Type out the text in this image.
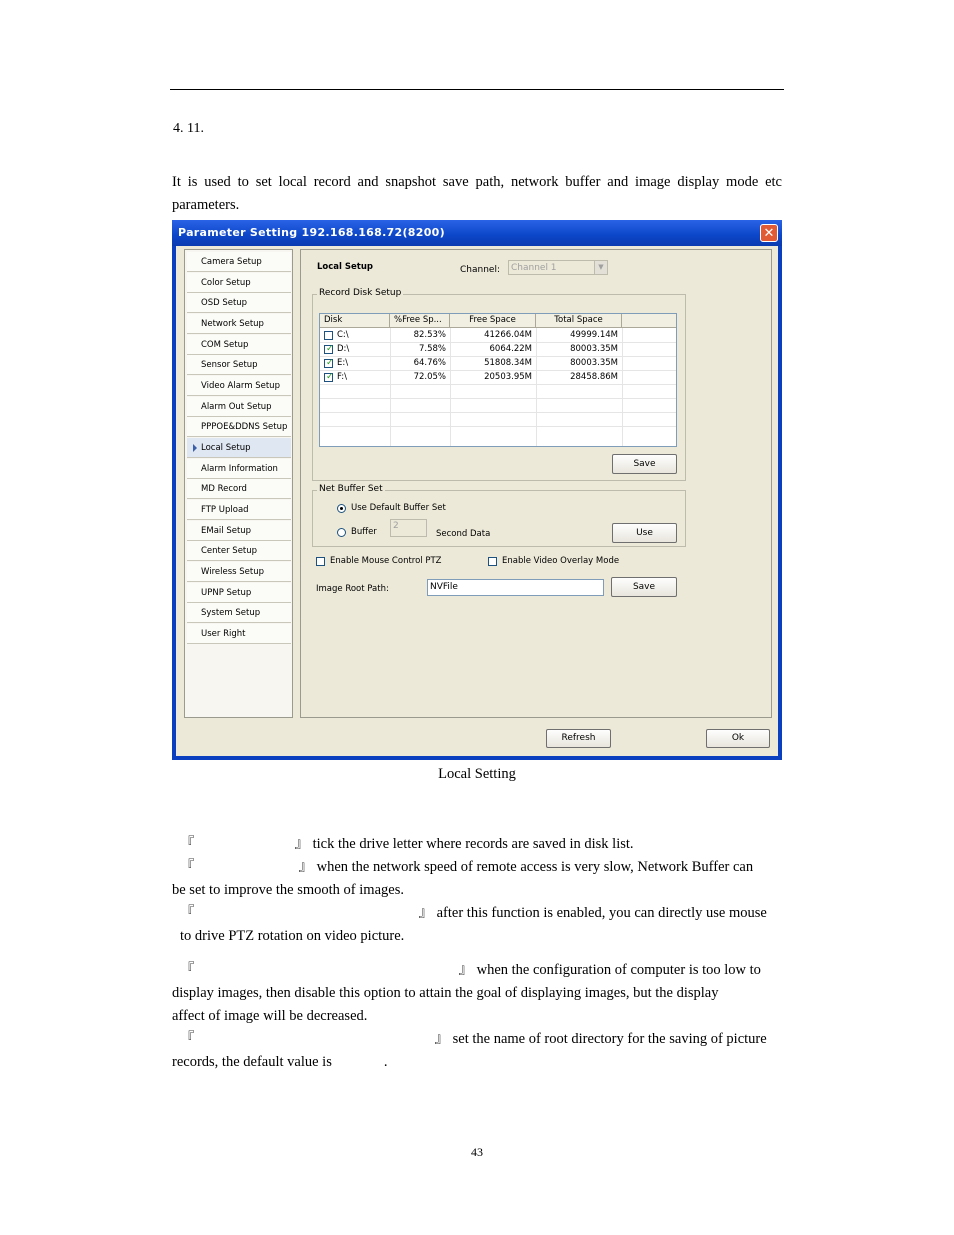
4. 11.
It is used to set local record and snapshot save path, network buffer and image display mode etc parameters.
Parameter Setting 192.168.168.72(8200)	✕
Camera Setup
Color Setup
OSD Setup
Network Setup
COM Setup
Sensor Setup
Video Alarm Setup
Alarm Out Setup
PPPOE&DDNS Setup
Local Setup
Alarm Information
MD Record
FTP Upload
EMail Setup
Center Setup
Wireless Setup
UPNP Setup
System Setup
User Right
Local Setup	Channel: Channel 1	▼
Record Disk Setup
Disk	%Free Sp...	Free Space	Total Space
C:\	82.53%	41266.04M	49999.14M
✓ D:\	7.58%	6064.22M	80003.35M
✓ E:\	64.76%	51808.34M	80003.35M
✓ F:\	72.05%	20503.95M	28458.86M
Save
Net Buffer Set
Use Default Buffer Set
Buffer
2
Second Data	Use
Enable Mouse Control PTZ	Enable Video Overlay Mode
Image Root Path:	NVFile	Save
Refresh	Ok
Local Setting
『	』 tick the drive letter where records are saved in disk list.
『	』 when the network speed of remote access is very slow, Network Buffer can
be set to improve the smooth of images.
『	』 after this function is enabled, you can directly use mouse
to drive PTZ rotation on video picture.
『	』 when the configuration of computer is too low to
display images, then disable this option to attain the goal of displaying images, but the display
affect of image will be decreased.
『	』 set the name of root directory for the saving of picture
records, the default value is	.
43
